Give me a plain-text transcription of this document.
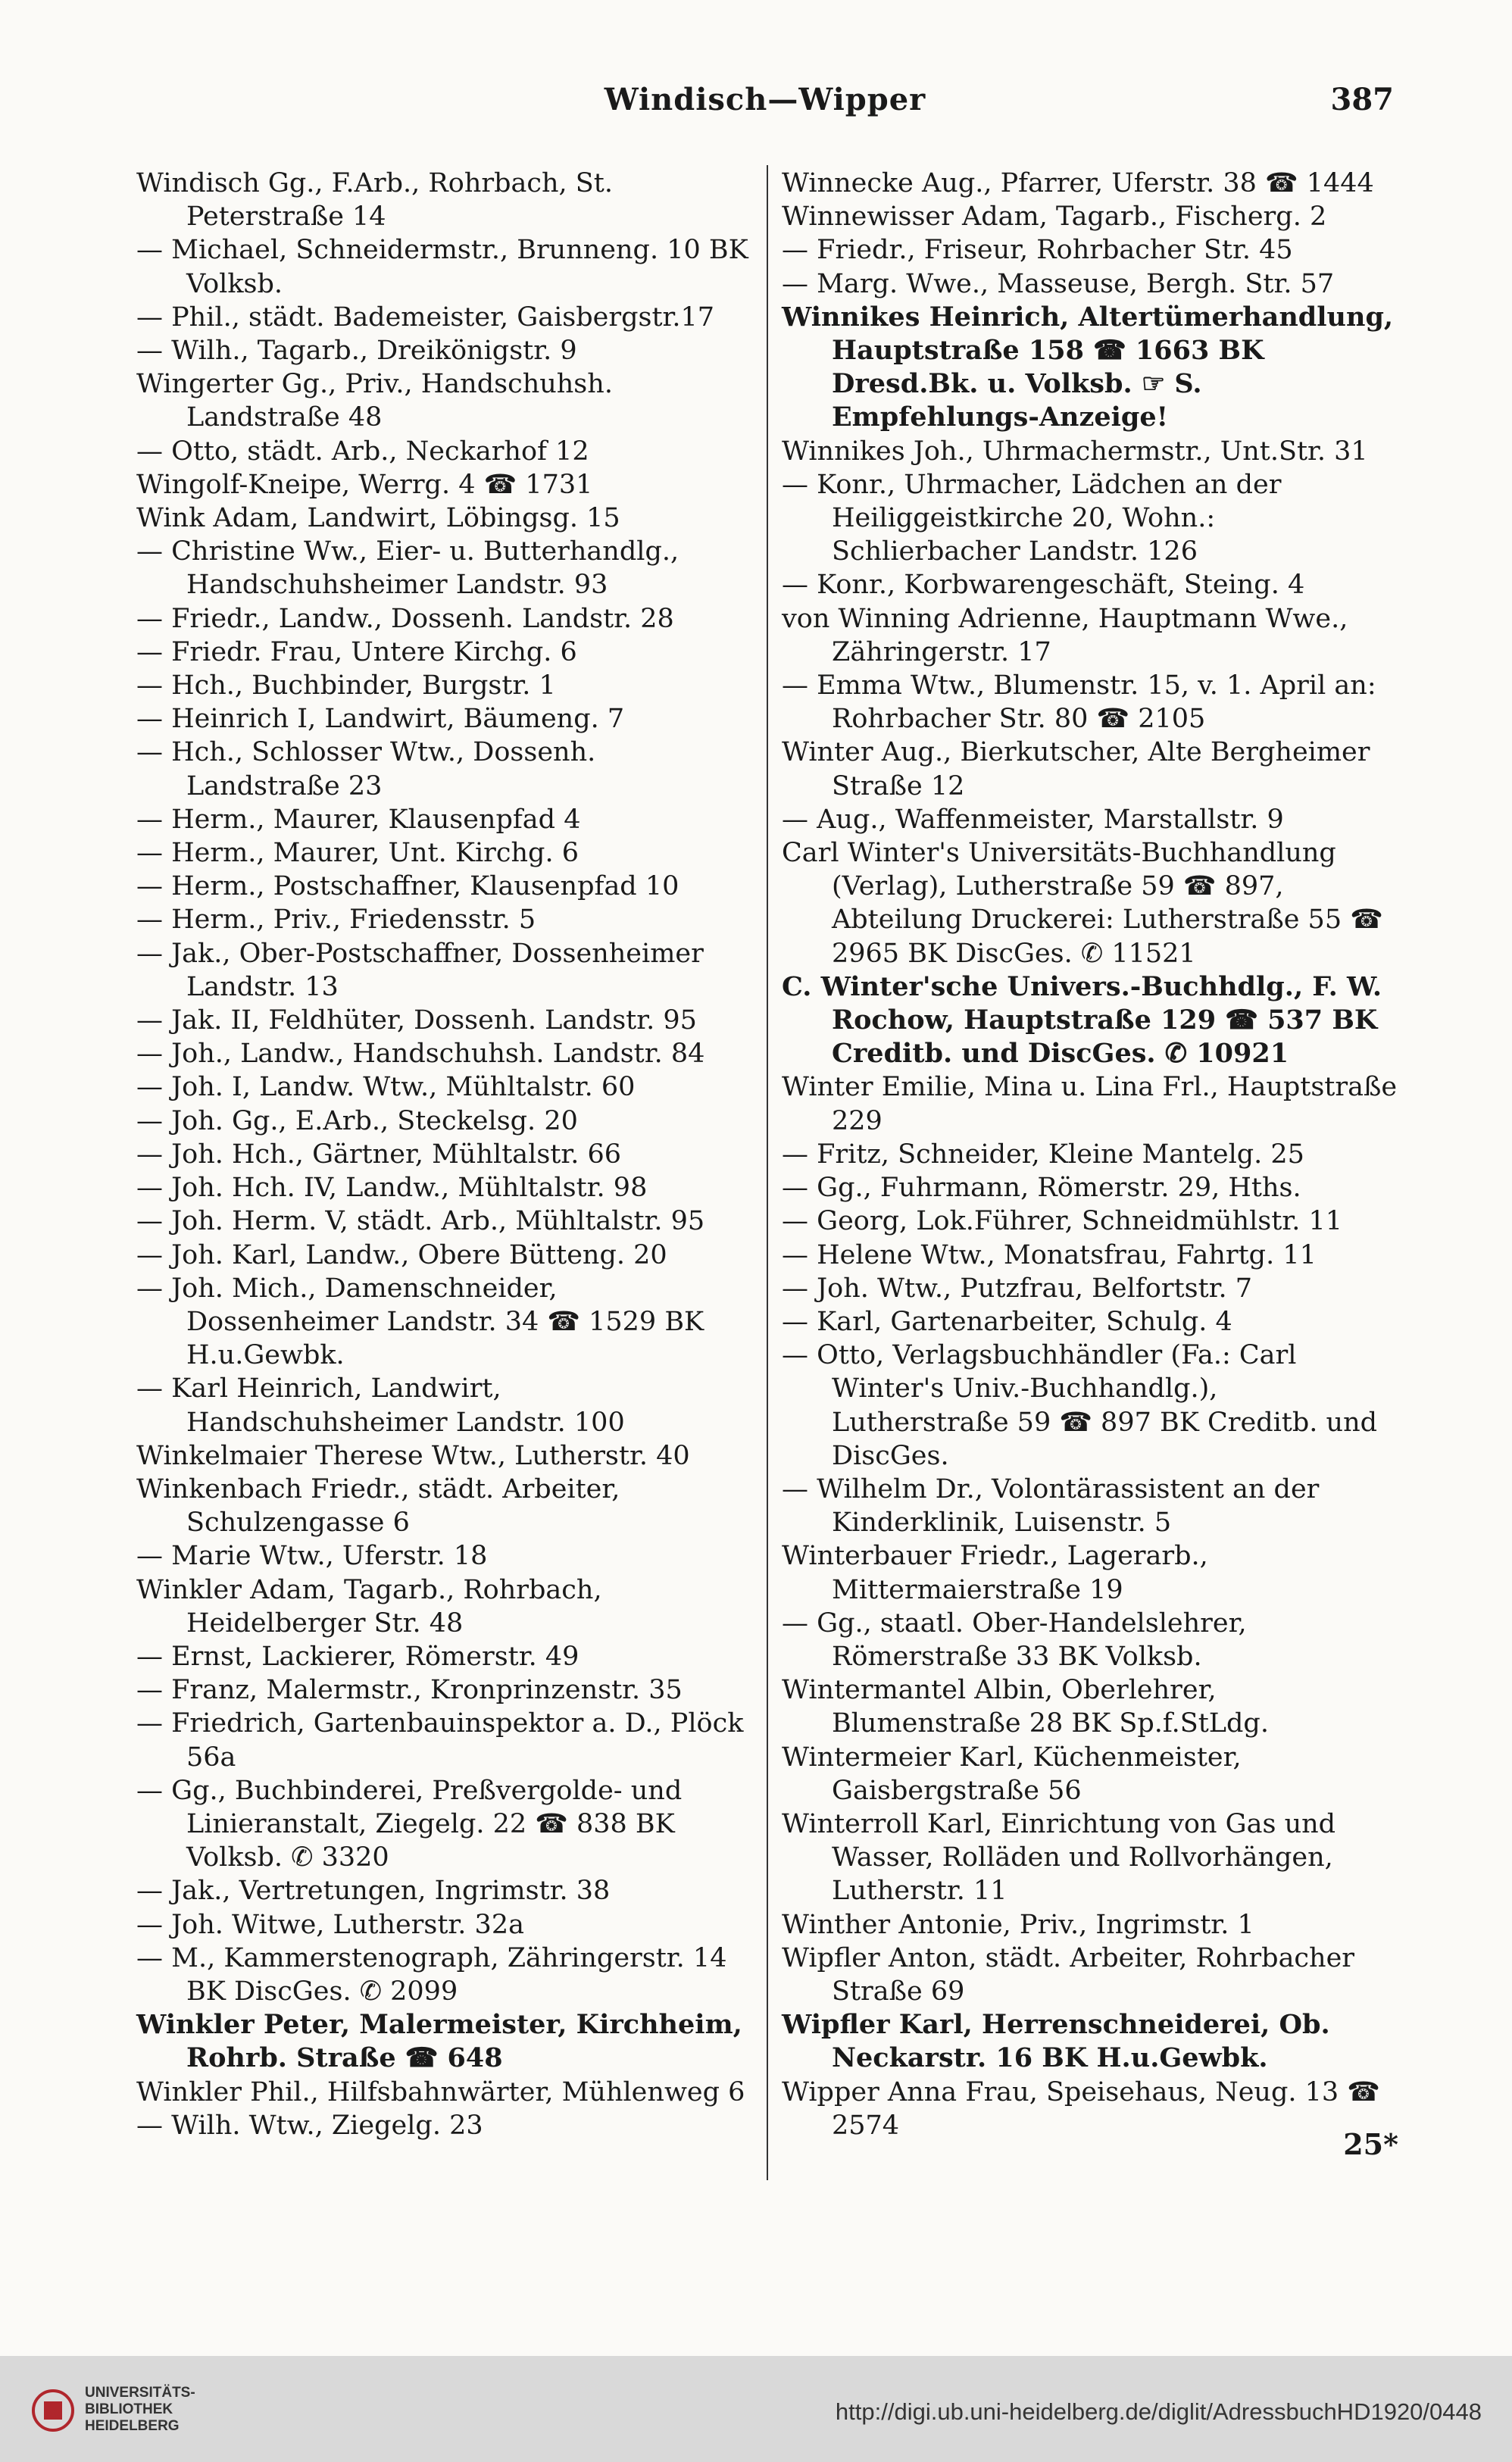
Windisch—Wipper	387
Windisch Gg., F.Arb., Rohrbach, St. Peterstraße 14
— Michael, Schneidermstr., Brunneng. 10 BK Volksb.
— Phil., städt. Bademeister, Gaisbergstr.17
— Wilh., Tagarb., Dreikönigstr. 9
Wingerter Gg., Priv., Handschuhsh. Landstraße 48
— Otto, städt. Arb., Neckarhof 12
Wingolf-Kneipe, Werrg. 4 ☎ 1731
Wink Adam, Landwirt, Löbingsg. 15
— Christine Ww., Eier- u. Butterhandlg., Handschuhsheimer Landstr. 93
— Friedr., Landw., Dossenh. Landstr. 28
— Friedr. Frau, Untere Kirchg. 6
— Hch., Buchbinder, Burgstr. 1
— Heinrich I, Landwirt, Bäumeng. 7
— Hch., Schlosser Wtw., Dossenh. Landstraße 23
— Herm., Maurer, Klausenpfad 4
— Herm., Maurer, Unt. Kirchg. 6
— Herm., Postschaffner, Klausenpfad 10
— Herm., Priv., Friedensstr. 5
— Jak., Ober-Postschaffner, Dossenheimer Landstr. 13
— Jak. II, Feldhüter, Dossenh. Landstr. 95
— Joh., Landw., Handschuhsh. Landstr. 84
— Joh. I, Landw. Wtw., Mühltalstr. 60
— Joh. Gg., E.Arb., Steckelsg. 20
— Joh. Hch., Gärtner, Mühltalstr. 66
— Joh. Hch. IV, Landw., Mühltalstr. 98
— Joh. Herm. V, städt. Arb., Mühltalstr. 95
— Joh. Karl, Landw., Obere Bütteng. 20
— Joh. Mich., Damenschneider, Dossenheimer Landstr. 34 ☎ 1529 BK H.u.Gewbk.
— Karl Heinrich, Landwirt, Handschuhsheimer Landstr. 100
Winkelmaier Therese Wtw., Lutherstr. 40
Winkenbach Friedr., städt. Arbeiter, Schulzengasse 6
— Marie Wtw., Uferstr. 18
Winkler Adam, Tagarb., Rohrbach, Heidelberger Str. 48
— Ernst, Lackierer, Römerstr. 49
— Franz, Malermstr., Kronprinzenstr. 35
— Friedrich, Gartenbauinspektor a. D., Plöck 56a
— Gg., Buchbinderei, Preßvergolde- und Linieranstalt, Ziegelg. 22 ☎ 838 BK Volksb. ✆ 3320
— Jak., Vertretungen, Ingrimstr. 38
— Joh. Witwe, Lutherstr. 32a
— M., Kammerstenograph, Zähringerstr. 14 BK DiscGes. ✆ 2099
Winkler Peter, Malermeister, Kirchheim, Rohrb. Straße ☎ 648
Winkler Phil., Hilfsbahnwärter, Mühlenweg 6
— Wilh. Wtw., Ziegelg. 23
Winnecke Aug., Pfarrer, Uferstr. 38 ☎ 1444
Winnewisser Adam, Tagarb., Fischerg. 2
— Friedr., Friseur, Rohrbacher Str. 45
— Marg. Wwe., Masseuse, Bergh. Str. 57
Winnikes Heinrich, Altertümerhandlung, Hauptstraße 158 ☎ 1663 BK Dresd.Bk. u. Volksb. ☞ S. Empfehlungs-Anzeige!
Winnikes Joh., Uhrmachermstr., Unt.Str. 31
— Konr., Uhrmacher, Lädchen an der Heiliggeistkirche 20, Wohn.: Schlierbacher Landstr. 126
— Konr., Korbwarengeschäft, Steing. 4
von Winning Adrienne, Hauptmann Wwe., Zähringerstr. 17
— Emma Wtw., Blumenstr. 15, v. 1. April an: Rohrbacher Str. 80 ☎ 2105
Winter Aug., Bierkutscher, Alte Bergheimer Straße 12
— Aug., Waffenmeister, Marstallstr. 9
Carl Winter's Universitäts-Buchhandlung (Verlag), Lutherstraße 59 ☎ 897, Abteilung Druckerei: Lutherstraße 55 ☎ 2965 BK DiscGes. ✆ 11521
C. Winter'sche Univers.-Buchhdlg., F. W. Rochow, Hauptstraße 129 ☎ 537 BK Creditb. und DiscGes. ✆ 10921
Winter Emilie, Mina u. Lina Frl., Hauptstraße 229
— Fritz, Schneider, Kleine Mantelg. 25
— Gg., Fuhrmann, Römerstr. 29, Hths.
— Georg, Lok.Führer, Schneidmühlstr. 11
— Helene Wtw., Monatsfrau, Fahrtg. 11
— Joh. Wtw., Putzfrau, Belfortstr. 7
— Karl, Gartenarbeiter, Schulg. 4
— Otto, Verlagsbuchhändler (Fa.: Carl Winter's Univ.-Buchhandlg.), Lutherstraße 59 ☎ 897 BK Creditb. und DiscGes.
— Wilhelm Dr., Volontärassistent an der Kinderklinik, Luisenstr. 5
Winterbauer Friedr., Lagerarb., Mittermaierstraße 19
— Gg., staatl. Ober-Handelslehrer, Römerstraße 33 BK Volksb.
Wintermantel Albin, Oberlehrer, Blumenstraße 28 BK Sp.f.StLdg.
Wintermeier Karl, Küchenmeister, Gaisbergstraße 56
Winterroll Karl, Einrichtung von Gas und Wasser, Rolläden und Rollvorhängen, Lutherstr. 11
Winther Antonie, Priv., Ingrimstr. 1
Wipfler Anton, städt. Arbeiter, Rohrbacher Straße 69
Wipfler Karl, Herrenschneiderei, Ob. Neckarstr. 16 BK H.u.Gewbk.
Wipper Anna Frau, Speisehaus, Neug. 13 ☎ 2574
25*
UNIVERSITÄTS-
BIBLIOTHEK
HEIDELBERG
http://digi.ub.uni-heidelberg.de/diglit/AdressbuchHD1920/0448
